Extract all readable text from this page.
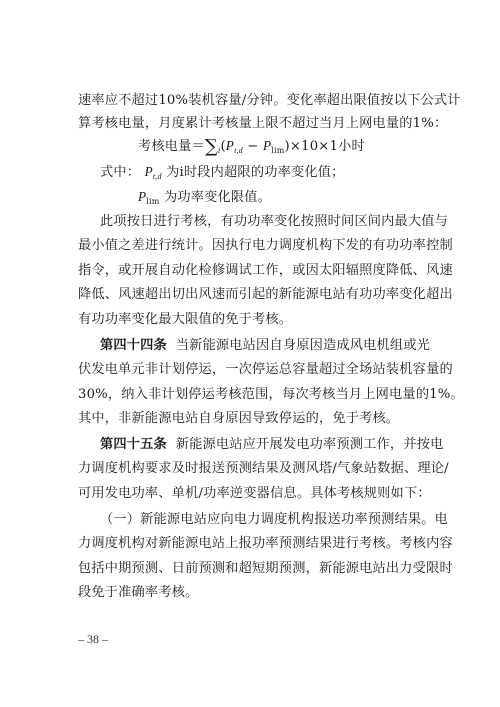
速率应不超过10%装机容量/分钟。变化率超出限值按以下公式计
算考核电量，月度累计考核量上限不超过当月上网电量的1%：
考核电量$=\sum_i(P_{t,d} - P_{lim})\times 10\times 1$小时
式中： $P_{t,d}$ 为i时段内超限的功率变化值；
$P_{lim}$ 为功率变化限值。
此项按日进行考核，有功功率变化按照时间区间内最大值与
最小值之差进行统计。因执行电力调度机构下发的有功功率控制
指令，或开展自动化检修调试工作，或因太阳辐照度降低、风速
降低、风速超出切出风速而引起的新能源电站有功功率变化超出
有功功率变化最大限值的免于考核。
第四十四条 当新能源电站因自身原因造成风电机组或光
伏发电单元非计划停运，一次停运总容量超过全场站装机容量的
30%，纳入非计划停运考核范围，每次考核当月上网电量的1%。
其中，非新能源电站自身原因导致停运的，免于考核。
第四十五条 新能源电站应开展发电功率预测工作，并按电
力调度机构要求及时报送预测结果及测风塔/气象站数据、理论/
可用发电功率、单机/功率逆变器信息。具体考核规则如下：
（一）新能源电站应向电力调度机构报送功率预测结果。电
力调度机构对新能源电站上报功率预测结果进行考核。考核内容
包括中期预测、日前预测和超短期预测，新能源电站出力受限时
段免于准确率考核。
– 38 –
